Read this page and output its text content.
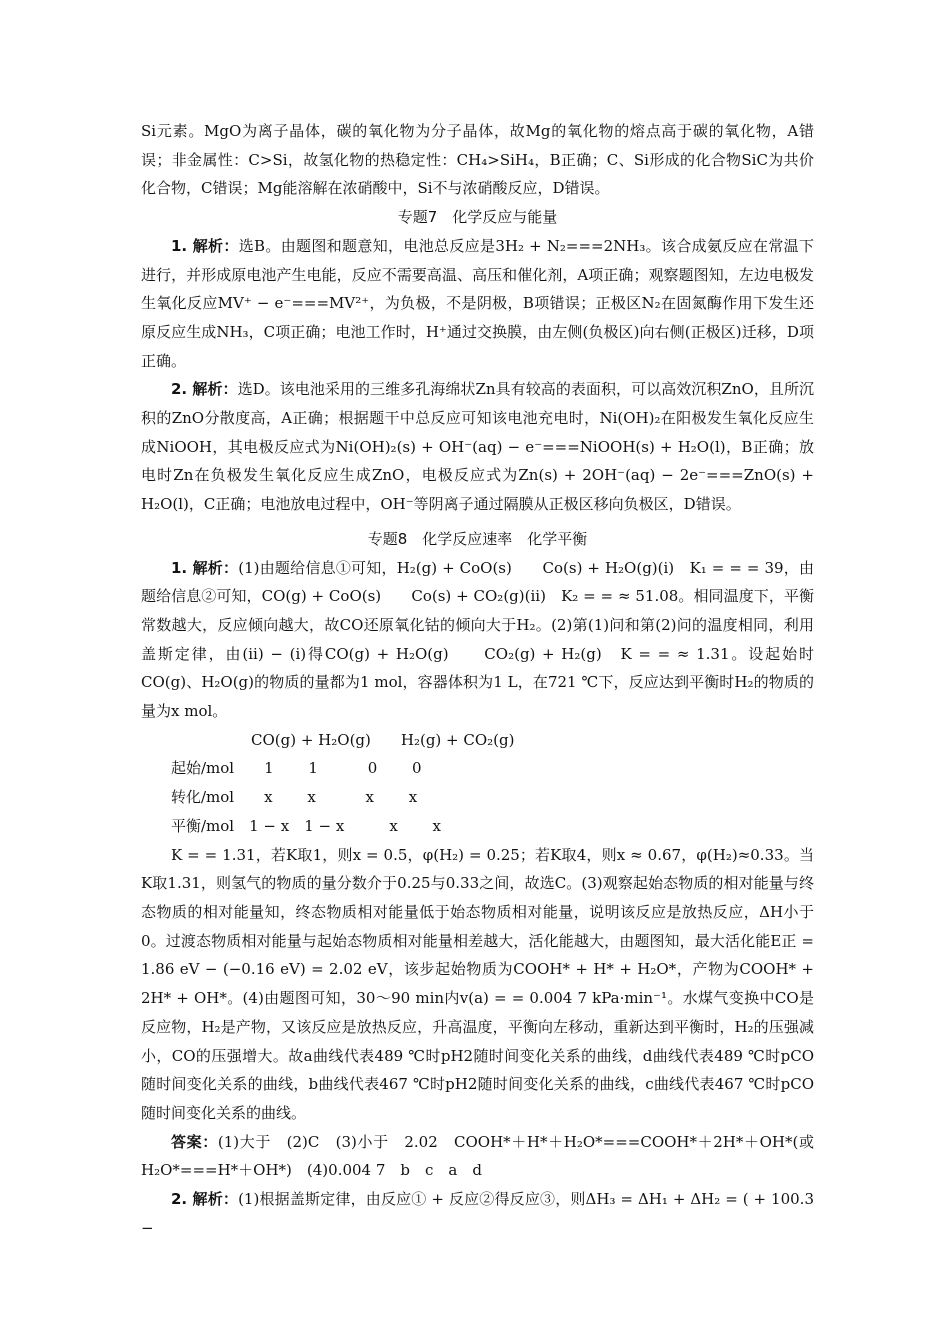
Si元素。MgO为离子晶体，碳的氧化物为分子晶体，故Mg的氧化物的熔点高于碳的氧化物，A错误；非金属性：C>Si，故氢化物的热稳定性：CH₄>SiH₄，B正确；C、Si形成的化合物SiC为共价化合物，C错误；Mg能溶解在浓硝酸中，Si不与浓硝酸反应，D错误。

专题7　化学反应与能量

1. 解析：选B。由题图和题意知，电池总反应是3H₂ + N₂===2NH₃。该合成氨反应在常温下进行，并形成原电池产生电能，反应不需要高温、高压和催化剂，A项正确；观察题图知，左边电极发生氧化反应MV⁺ − e⁻===MV²⁺，为负极，不是阴极，B项错误；正极区N₂在固氮酶作用下发生还原反应生成NH₃，C项正确；电池工作时，H⁺通过交换膜，由左侧(负极区)向右侧(正极区)迁移，D项正确。

2. 解析：选D。该电池采用的三维多孔海绵状Zn具有较高的表面积，可以高效沉积ZnO，且所沉积的ZnO分散度高，A正确；根据题干中总反应可知该电池充电时，Ni(OH)₂在阳极发生氧化反应生成NiOOH，其电极反应式为Ni(OH)₂(s) + OH⁻(aq) − e⁻===NiOOH(s) + H₂O(l)，B正确；放电时Zn在负极发生氧化反应生成ZnO，电极反应式为Zn(s) + 2OH⁻(aq) − 2e⁻===ZnO(s) + H₂O(l)，C正确；电池放电过程中，OH⁻等阴离子通过隔膜从正极区移向负极区，D错误。

专题8　化学反应速率　化学平衡

1. 解析：(1)由题给信息①可知，H₂(g) + CoO(s)　　Co(s) + H₂O(g)(i)　K₁ = = = 39，由题给信息②可知，CO(g) + CoO(s)　　Co(s) + CO₂(g)(ii)　K₂ = = ≈ 51.08。相同温度下，平衡常数越大，反应倾向越大，故CO还原氧化钴的倾向大于H₂。(2)第(1)问和第(2)问的温度相同，利用盖斯定律，由(ii) − (i)得CO(g) + H₂O(g)　　CO₂(g) + H₂(g)　K = = ≈ 1.31。设起始时CO(g)、H₂O(g)的物质的量都为1 mol，容器体积为1 L，在721 ℃下，反应达到平衡时H₂的物质的量为x mol。

CO(g) + H₂O(g)　　H₂(g) + CO₂(g)
起始/mol　　1　　 1　　　 0　　 0
转化/mol　　x　　 x　　　 x　　 x
平衡/mol　1 − x　1 − x　　　x　　 x

K = = 1.31，若K取1，则x = 0.5，φ(H₂) = 0.25；若K取4，则x ≈ 0.67，φ(H₂)≈0.33。当K取1.31，则氢气的物质的量分数介于0.25与0.33之间，故选C。(3)观察起始态物质的相对能量与终态物质的相对能量知，终态物质相对能量低于始态物质相对能量，说明该反应是放热反应，ΔH小于0。过渡态物质相对能量与起始态物质相对能量相差越大，活化能越大，由题图知，最大活化能E正 = 1.86 eV − (−0.16 eV) = 2.02 eV，该步起始物质为COOH* + H* + H₂O*，产物为COOH* + 2H* + OH*。(4)由题图可知，30～90 min内v(a) = = 0.004 7 kPa·min⁻¹。水煤气变换中CO是反应物，H₂是产物，又该反应是放热反应，升高温度，平衡向左移动，重新达到平衡时，H₂的压强减小，CO的压强增大。故a曲线代表489 ℃时pH2随时间变化关系的曲线，d曲线代表489 ℃时pCO随时间变化关系的曲线，b曲线代表467 ℃时pH2随时间变化关系的曲线，c曲线代表467 ℃时pCO随时间变化关系的曲线。

答案：(1)大于　(2)C　(3)小于　2.02　COOH*＋H*＋H₂O*===COOH*＋2H*＋OH*(或H₂O*===H*＋OH*)　(4)0.004 7　b　c　a　d

2. 解析：(1)根据盖斯定律，由反应① + 反应②得反应③，则ΔH₃ = ΔH₁ + ΔH₂ = ( + 100.3 −
